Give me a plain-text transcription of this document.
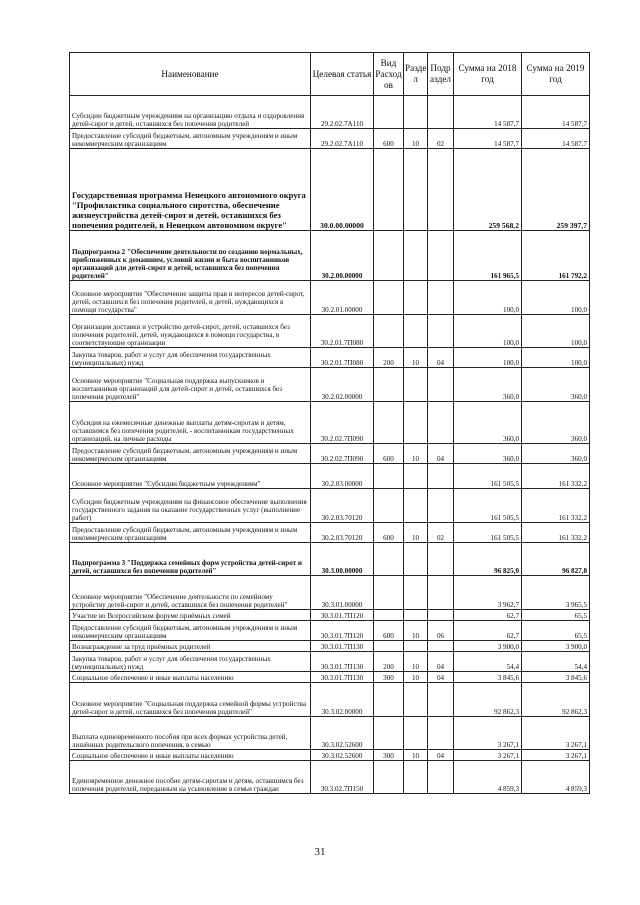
Наименование	Целевая статья	Вид Расход ов	Разде л	Подр аздел	Сумма на 2018 год	Сумма на 2019 год
Субсидии бюджетным учреждениям на организацию отдыха и оздоровления детей-сирот и детей, оставшихся без попечения родителей	29.2.02.7А110				14 587,7	14 587,7
Предоставление субсидий бюджетным, автономным учреждениям и иным некоммерческим организациям	29.2.02.7А110	600	10	02	14 587,7	14 587,7
Государственная программа Ненецкого автономного округа "Профилактика социального сиротства, обеспечение жизнеустройства детей-сирот и детей, оставшихся без попечения родителей, в Ненецком автономном округе"	30.0.00.00000				259 568,2	259 397,7
Подпрограмма 2 "Обеспечение деятельности по созданию нормальных, приближенных к домашним, условий жизни и быта воспитанников организаций для детей-сирот и детей, оставшихся без попечения родителей"	30.2.00.00000				161 965,5	161 792,2
Основное мероприятие "Обеспечение защиты прав и интересов детей-сирот, детей, оставшихся без попечения родителей, и детей, нуждающихся в помощи государства"	30.2.01.00000				100,0	100,0
Организация доставки и устройство детей-сирот, детей, оставшихся без попечения родителей, детей, нуждающихся в помощи государства, в соответствующие организации	30.2.01.7П080				100,0	100,0
Закупка товаров, работ и услуг для обеспечения государственных (муниципальных) нужд	30.2.01.7П080	200	10	04	100,0	100,0
Основное мероприятие "Социальная поддержка выпускников и воспитанников организаций для детей-сирот и детей, оставшихся без попечения родителей"	30.2.02.00000				360,0	360,0
Субсидия на ежемесячные денежные выплаты детям-сиротам и детям, оставшимся без попечения родителей, - воспитанникам государственных организаций, на личные расходы	30.2.02.7П090				360,0	360,0
Предоставление субсидий бюджетным, автономным учреждениям и иным некоммерческим организациям	30.2.02.7П090	600	10	04	360,0	360,0
Основное мероприятие "Субсидии бюджетным учреждениям"	30.2.03.00000				161 505,5	161 332,2
Субсидии бюджетным учреждениям на финансовое обеспечение выполнения государственного задания на оказание государственных услуг (выполнение работ)	30.2.03.70120				161 505,5	161 332,2
Предоставление субсидий бюджетным, автономным учреждениям и иным некоммерческим организациям	30.2.03.70120	600	10	02	161 505,5	161 332,2
Подпрограмма 3 "Поддержка семейных форм устройства детей-сирот и детей, оставшихся без попечения родителей"	30.3.00.00000				96 825,0	96 827,8
Основное мероприятие "Обеспечение деятельности по семейному устройству детей-сирот и детей, оставшихся без попечения родителей"	30.3.01.00000				3 962,7	3 965,5
Участие во Всероссийском форуме приёмных семей	30.3.01.7П120				62,7	65,5
Предоставление субсидий бюджетным, автономным учреждениям и иным некоммерческим организациям	30.3.01.7П120	600	10	06	62,7	65,5
Вознаграждение за труд приёмных родителей	30.3.01.7П130				3 900,0	3 900,0
Закупка товаров, работ и услуг для обеспечения государственных (муниципальных) нужд	30.3.01.7П130	200	10	04	54,4	54,4
Социальное обеспечение и иные выплаты населению	30.3.01.7П130	300	10	04	3 845,6	3 845,6
Основное мероприятие "Социальная поддержка семейной формы устройства детей-сирот и детей, оставшихся без попечения родителей"	30.3.02.00000				92 862,3	92 862,3
Выплата единовременного пособия при всех формах устройства детей, лишённых родительского попечения, в семью	30.3.02.52600				3 267,1	3 267,1
Социальное обеспечение и иные выплаты населению	30.3.02.52600	300	10	04	3 267,1	3 267,1
Единовременное денежное пособие детям-сиротам и детям, оставшимся без попечения родителей, переданным на усыновление в семьи граждан	30.3.02.7П150				4 859,3	4 859,3
31
